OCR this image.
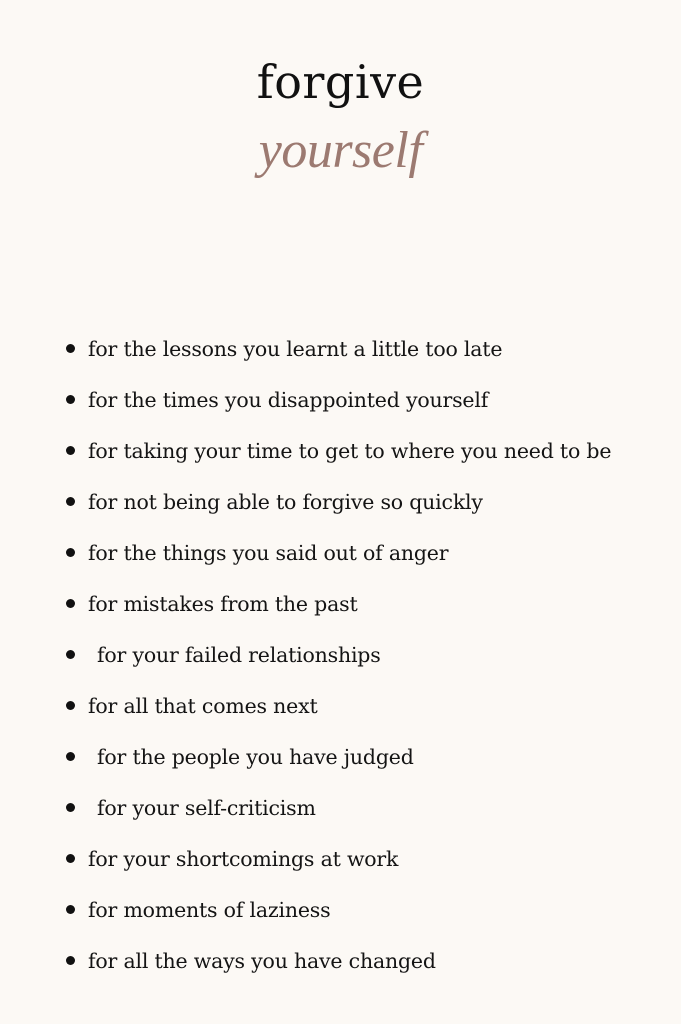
forgive
yourself
for the lessons you learnt a little too late
for the times you disappointed yourself
for taking your time to get to where you need to be
for not being able to forgive so quickly
for the things you said out of anger
for mistakes from the past
for your failed relationships
for all that comes next
for the people you have judged
for your self-criticism
for your shortcomings at work
for moments of laziness
for all the ways you have changed
